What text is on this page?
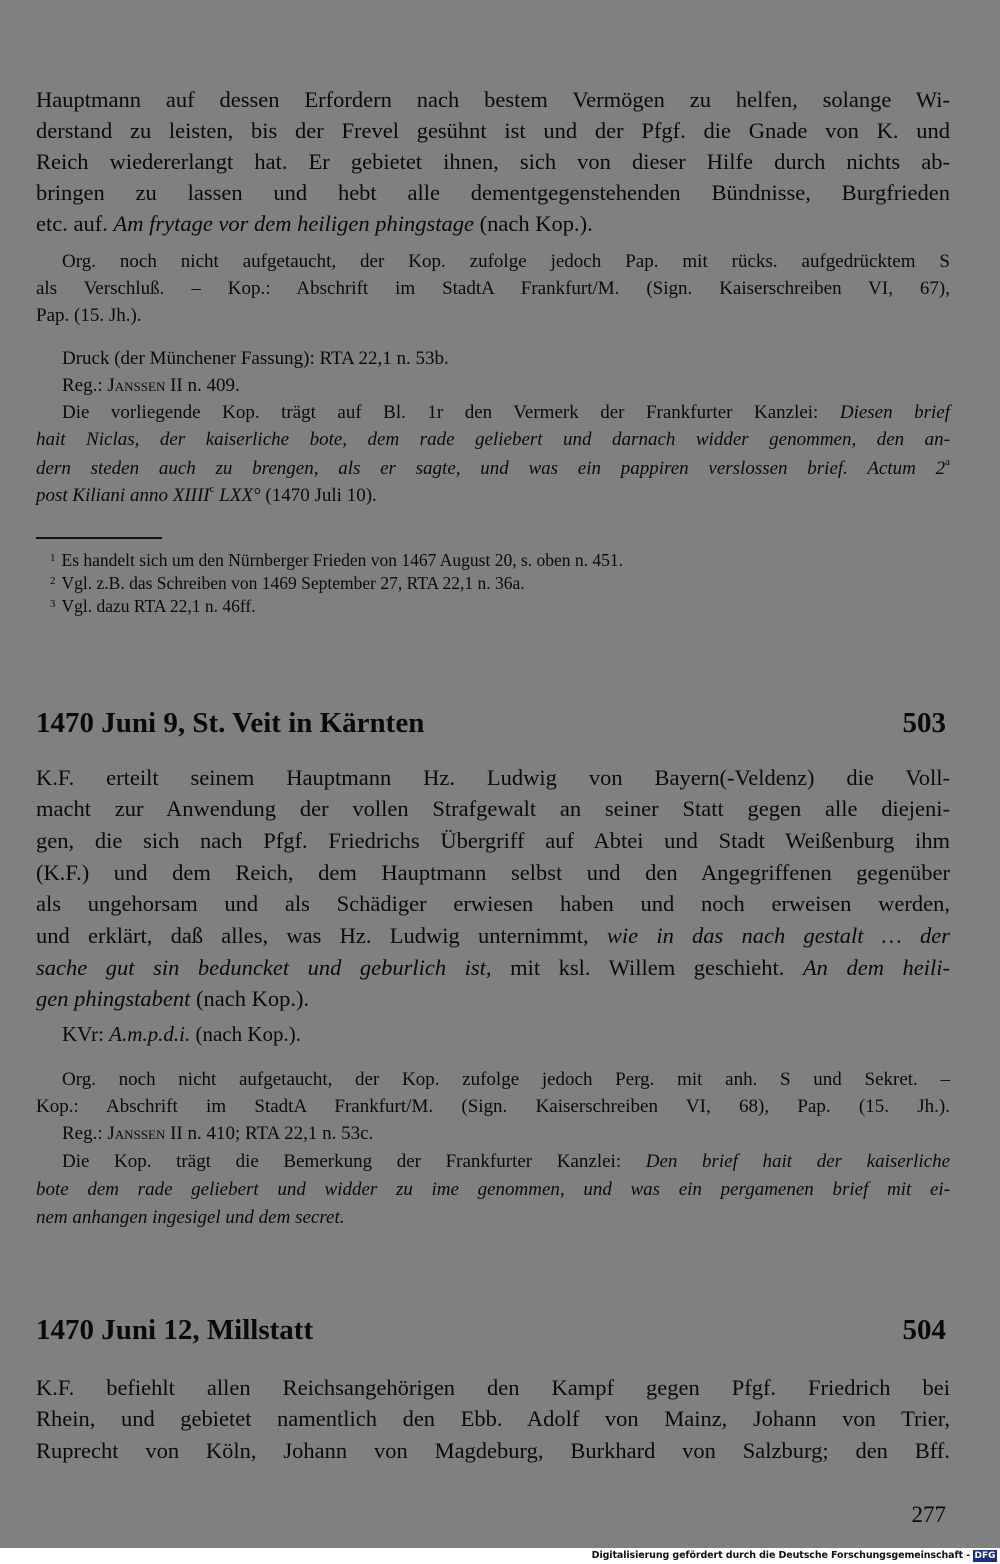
Hauptmann auf dessen Erfordern nach bestem Vermögen zu helfen, solange Wi-
derstand zu leisten, bis der Frevel gesühnt ist und der Pfgf. die Gnade von K. und
Reich wiedererlangt hat. Er gebietet ihnen, sich von dieser Hilfe durch nichts ab-
bringen zu lassen und hebt alle dementgegenstehenden Bündnisse, Burgfrieden
etc. auf. Am frytage vor dem heiligen phingstage (nach Kop.).
Org. noch nicht aufgetaucht, der Kop. zufolge jedoch Pap. mit rücks. aufgedrücktem S
als Verschluß. – Kop.: Abschrift im StadtA Frankfurt/M. (Sign. Kaiserschreiben VI, 67),
Pap. (15. Jh.).
Druck (der Münchener Fassung): RTA 22,1 n. 53b.
Reg.: Janssen II n. 409.
Die vorliegende Kop. trägt auf Bl. 1r den Vermerk der Frankfurter Kanzlei: Diesen brief
hait Niclas, der kaiserliche bote, dem rade geliebert und darnach widder genommen, den an-
dern steden auch zu brengen, als er sagte, und was ein pappiren verslossen brief. Actum 2$^a$
post Kiliani anno XIIII$^c$ LXX° (1470 Juli 10).
$^1$ Es handelt sich um den Nürnberger Frieden von 1467 August 20, s. oben n. 451.
$^2$ Vgl. z.B. das Schreiben von 1469 September 27, RTA 22,1 n. 36a.
$^3$ Vgl. dazu RTA 22,1 n. 46ff.
1470 Juni 9, St. Veit in Kärnten	503
K.F. erteilt seinem Hauptmann Hz. Ludwig von Bayern(-Veldenz) die Voll-
macht zur Anwendung der vollen Strafgewalt an seiner Statt gegen alle diejeni-
gen, die sich nach Pfgf. Friedrichs Übergriff auf Abtei und Stadt Weißenburg ihm
(K.F.) und dem Reich, dem Hauptmann selbst und den Angegriffenen gegenüber
als ungehorsam und als Schädiger erwiesen haben und noch erweisen werden,
und erklärt, daß alles, was Hz. Ludwig unternimmt, wie in das nach gestalt … der
sache gut sin beduncket und geburlich ist, mit ksl. Willem geschieht. An dem heili-
gen phingstabent (nach Kop.).
KVr: A.m.p.d.i. (nach Kop.).
Org. noch nicht aufgetaucht, der Kop. zufolge jedoch Perg. mit anh. S und Sekret. –
Kop.: Abschrift im StadtA Frankfurt/M. (Sign. Kaiserschreiben VI, 68), Pap. (15. Jh.).
Reg.: Janssen II n. 410; RTA 22,1 n. 53c.
Die Kop. trägt die Bemerkung der Frankfurter Kanzlei: Den brief hait der kaiserliche
bote dem rade geliebert und widder zu ime genommen, und was ein pergamenen brief mit ei-
nem anhangen ingesigel und dem secret.
1470 Juni 12, Millstatt	504
K.F. befiehlt allen Reichsangehörigen den Kampf gegen Pfgf. Friedrich bei
Rhein, und gebietet namentlich den Ebb. Adolf von Mainz, Johann von Trier,
Ruprecht von Köln, Johann von Magdeburg, Burkhard von Salzburg; den Bff.
277
Digitalisierung gefördert durch die Deutsche Forschungsgemeinschaft - DFG
